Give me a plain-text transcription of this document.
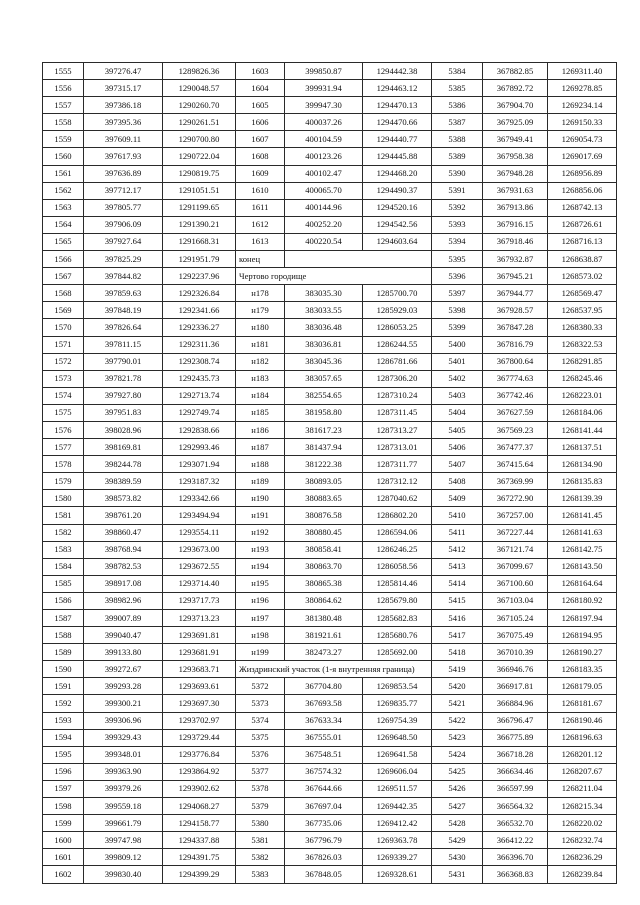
1555	397276.47	1289826.36	1603	399850.87	1294442.38	5384	367882.85	1269311.40
1556	397315.17	1290048.57	1604	399931.94	1294463.12	5385	367892.72	1269278.85
1557	397386.18	1290260.70	1605	399947.30	1294470.13	5386	367904.70	1269234.14
1558	397395.36	1290261.51	1606	400037.26	1294470.66	5387	367925.09	1269150.33
1559	397609.11	1290700.80	1607	400104.59	1294440.77	5388	367949.41	1269054.73
1560	397617.93	1290722.04	1608	400123.26	1294445.88	5389	367958.38	1269017.69
1561	397636.89	1290819.75	1609	400102.47	1294468.20	5390	367948.28	1268956.89
1562	397712.17	1291051.51	1610	400065.70	1294490.37	5391	367931.63	1268856.06
1563	397805.77	1291199.65	1611	400144.96	1294520.16	5392	367913.86	1268742.13
1564	397906.09	1291390.21	1612	400252.20	1294542.56	5393	367916.15	1268726.61
1565	397927.64	1291668.31	1613	400220.54	1294603.64	5394	367918.46	1268716.13
1566	397825.29	1291951.79	конец			5395	367932.87	1268638.87
1567	397844.82	1292237.96	Чертово городище			5396	367945.21	1268573.02
1568	397859.63	1292326.84	н178	383035.30	1285700.70	5397	367944.77	1268569.47
1569	397848.19	1292341.66	н179	383033.55	1285929.03	5398	367928.57	1268537.95
1570	397826.64	1292336.27	н180	383036.48	1286053.25	5399	367847.28	1268380.33
1571	397811.15	1292311.36	н181	383036.81	1286244.55	5400	367816.79	1268322.53
1572	397790.01	1292308.74	н182	383045.36	1286781.66	5401	367800.64	1268291.85
1573	397821.78	1292435.73	н183	383057.65	1287306.20	5402	367774.63	1268245.46
1574	397927.80	1292713.74	н184	382554.65	1287310.24	5403	367742.46	1268223.01
1575	397951.83	1292749.74	н185	381958.80	1287311.45	5404	367627.59	1268184.06
1576	398028.96	1292838.66	н186	381617.23	1287313.27	5405	367569.23	1268141.44
1577	398169.81	1292993.46	н187	381437.94	1287313.01	5406	367477.37	1268137.51
1578	398244.78	1293071.94	н188	381222.38	1287311.77	5407	367415.64	1268134.90
1579	398389.59	1293187.32	н189	380893.05	1287312.12	5408	367369.99	1268135.83
1580	398573.82	1293342.66	н190	380883.65	1287040.62	5409	367272.90	1268139.39
1581	398761.20	1293494.94	н191	380876.58	1286802.20	5410	367257.00	1268141.45
1582	398860.47	1293554.11	н192	380880.45	1286594.06	5411	367227.44	1268141.63
1583	398768.94	1293673.00	н193	380858.41	1286246.25	5412	367121.74	1268142.75
1584	398782.53	1293672.55	н194	380863.70	1286058.56	5413	367099.67	1268143.50
1585	398917.08	1293714.40	н195	380865.38	1285814.46	5414	367100.60	1268164.64
1586	398982.96	1293717.73	н196	380864.62	1285679.80	5415	367103.04	1268180.92
1587	399007.89	1293713.23	н197	381380.48	1285682.83	5416	367105.24	1268197.94
1588	399040.47	1293691.81	н198	381921.61	1285680.76	5417	367075.49	1268194.95
1589	399133.80	1293681.91	н199	382473.27	1285692.00	5418	367010.39	1268190.27
1590	399272.67	1293683.71	Жиздринский участок (1-я внутренняя граница)			5419	366946.76	1268183.35
1591	399293.28	1293693.61	5372	367704.80	1269853.54	5420	366917.81	1268179.05
1592	399300.21	1293697.30	5373	367693.58	1269835.77	5421	366884.96	1268181.67
1593	399306.96	1293702.97	5374	367633.34	1269754.39	5422	366796.47	1268190.46
1594	399329.43	1293729.44	5375	367555.01	1269648.50	5423	366775.89	1268196.63
1595	399348.01	1293776.84	5376	367548.51	1269641.58	5424	366718.28	1268201.12
1596	399363.90	1293864.92	5377	367574.32	1269606.04	5425	366634.46	1268207.67
1597	399379.26	1293902.62	5378	367644.66	1269511.57	5426	366597.99	1268211.04
1598	399559.18	1294068.27	5379	367697.04	1269442.35	5427	366564.32	1268215.34
1599	399661.79	1294158.77	5380	367735.06	1269412.42	5428	366532.70	1268220.02
1600	399747.98	1294337.88	5381	367796.79	1269363.78	5429	366412.22	1268232.74
1601	399809.12	1294391.75	5382	367826.03	1269339.27	5430	366396.70	1268236.29
1602	399830.40	1294399.29	5383	367848.05	1269328.61	5431	366368.83	1268239.84
